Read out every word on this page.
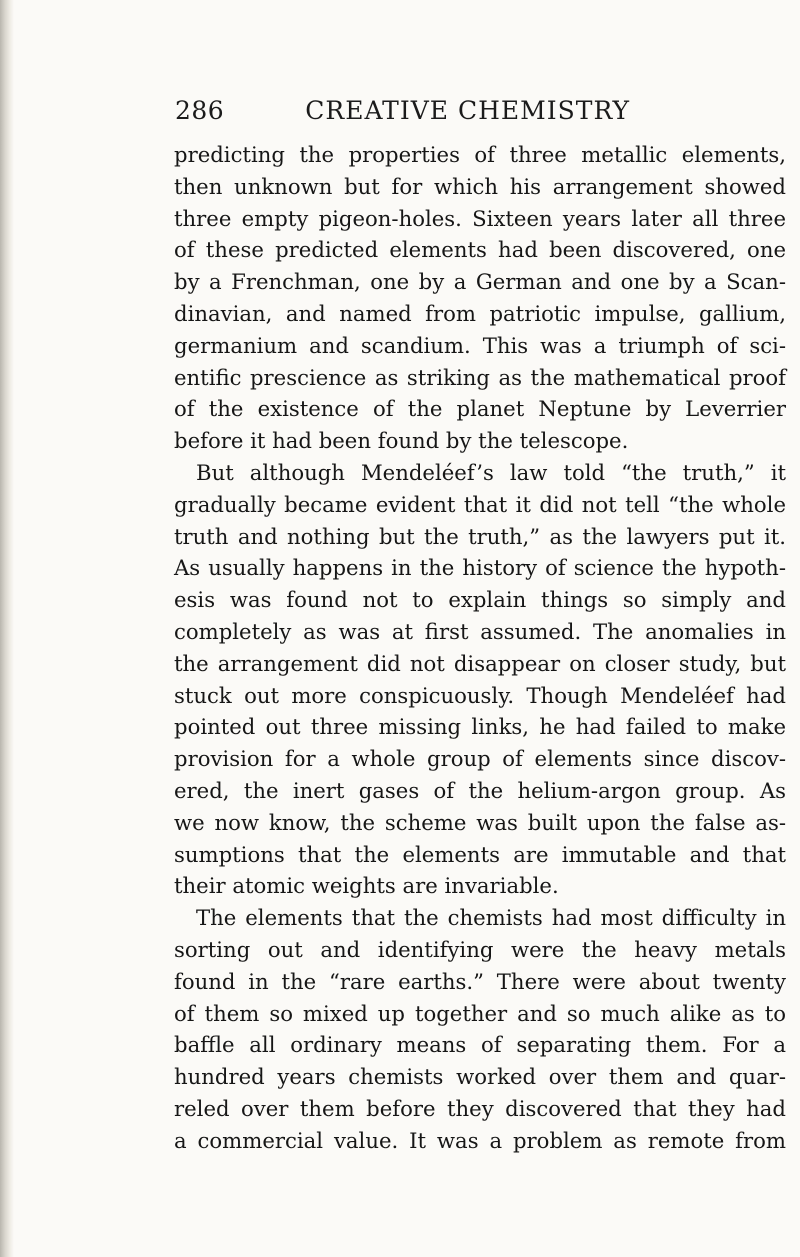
286	CREATIVE CHEMISTRY
predicting the properties of three metallic elements,
then unknown but for which his arrangement showed
three empty pigeon-holes. Sixteen years later all three
of these predicted elements had been discovered, one
by a Frenchman, one by a German and one by a Scan-
dinavian, and named from patriotic impulse, gallium,
germanium and scandium. This was a triumph of sci-
entific prescience as striking as the mathematical proof
of the existence of the planet Neptune by Leverrier
before it had been found by the telescope.
But although Mendeléef’s law told “the truth,” it
gradually became evident that it did not tell “the whole
truth and nothing but the truth,” as the lawyers put it.
As usually happens in the history of science the hypoth-
esis was found not to explain things so simply and
completely as was at first assumed. The anomalies in
the arrangement did not disappear on closer study, but
stuck out more conspicuously. Though Mendeléef had
pointed out three missing links, he had failed to make
provision for a whole group of elements since discov-
ered, the inert gases of the helium-argon group. As
we now know, the scheme was built upon the false as-
sumptions that the elements are immutable and that
their atomic weights are invariable.
The elements that the chemists had most difficulty in
sorting out and identifying were the heavy metals
found in the “rare earths.” There were about twenty
of them so mixed up together and so much alike as to
baffle all ordinary means of separating them. For a
hundred years chemists worked over them and quar-
reled over them before they discovered that they had
a commercial value. It was a problem as remote from
